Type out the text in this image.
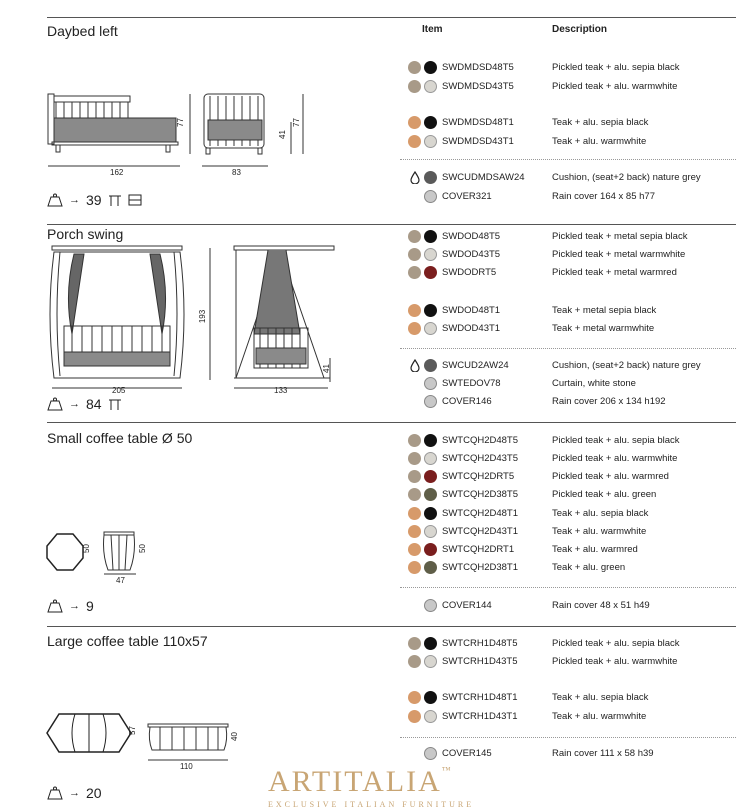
Item	Description
Daybed left
Porch swing
Small coffee table Ø 50
Large coffee table 110x57
SWDMDSD48T5	Pickled teak + alu. sepia black
SWDMDSD43T5	Pickled teak + alu. warmwhite
SWDMDSD48T1	Teak + alu. sepia black
SWDMDSD43T1	Teak + alu. warmwhite
SWCUDMDSAW24	Cushion, (seat+2 back) nature grey
COVER321	Rain cover 164 x 85 h77
SWDOD48T5	Pickled teak + metal sepia black
SWDOD43T5	Pickled teak + metal warmwhite
SWDODRT5	Pickled teak + metal warmred
SWDOD48T1	Teak + metal sepia black
SWDOD43T1	Teak + metal warmwhite
SWCUD2AW24	Cushion, (seat+2 back) nature grey
SWTEDOV78	Curtain, white stone
COVER146	Rain cover 206 x 134 h192
SWTCQH2D48T5	Pickled teak + alu. sepia black
SWTCQH2D43T5	Pickled teak + alu. warmwhite
SWTCQH2DRT5	Pickled teak + alu. warmred
SWTCQH2D38T5	Pickled teak + alu. green
SWTCQH2D48T1	Teak + alu. sepia black
SWTCQH2D43T1	Teak + alu. warmwhite
SWTCQH2DRT1	Teak + alu. warmred
SWTCQH2D38T1	Teak + alu. green
COVER144	Rain cover 48 x 51 h49
SWTCRH1D48T5	Pickled teak + alu. sepia black
SWTCRH1D43T5	Pickled teak + alu. warmwhite
SWTCRH1D48T1	Teak + alu. sepia black
SWTCRH1D43T1	Teak + alu. warmwhite
COVER145	Rain cover 111 x 58 h39
77
162
41
77
83
205
193
41
133
50	50
47
57
40
110
→ 39
→ 84
→ 9
→ 20	ARTITALIA™
EXCLUSIVE ITALIAN FURNITURE
